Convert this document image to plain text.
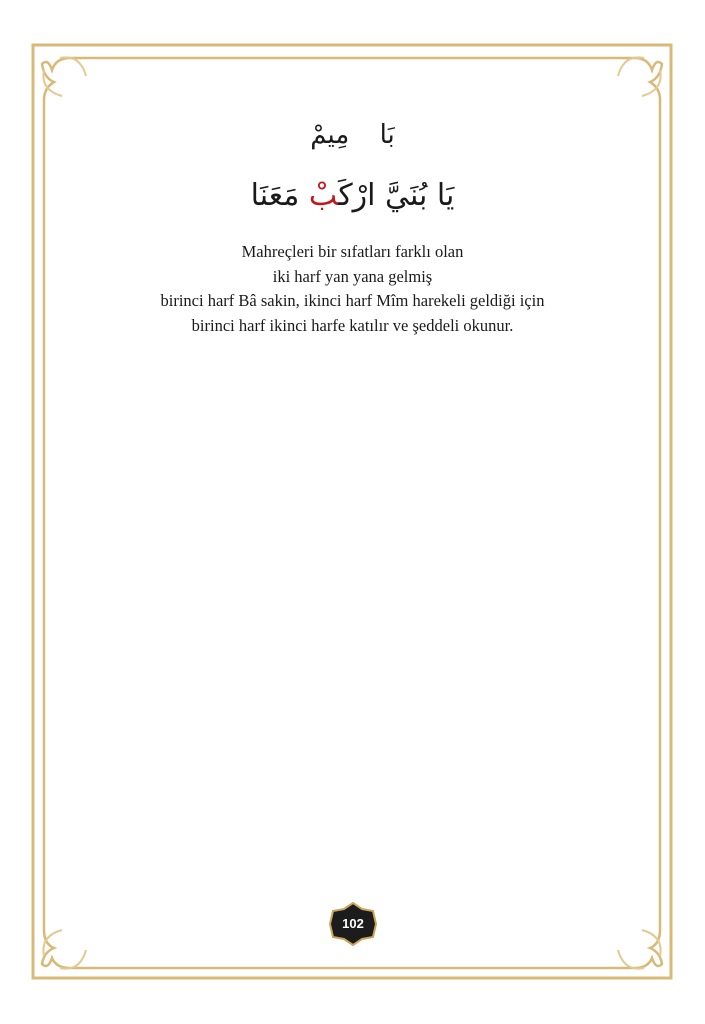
بَا مِيمْ
يَا بُنَيَّ ارْكَبْ مَعَنَا
Mahreçleri bir sıfatları farklı olan
iki harf yan yana gelmiş
birinci harf Bâ sakin, ikinci harf Mîm harekeli geldiği için
birinci harf ikinci harfe katılır ve şeddeli okunur.
102
